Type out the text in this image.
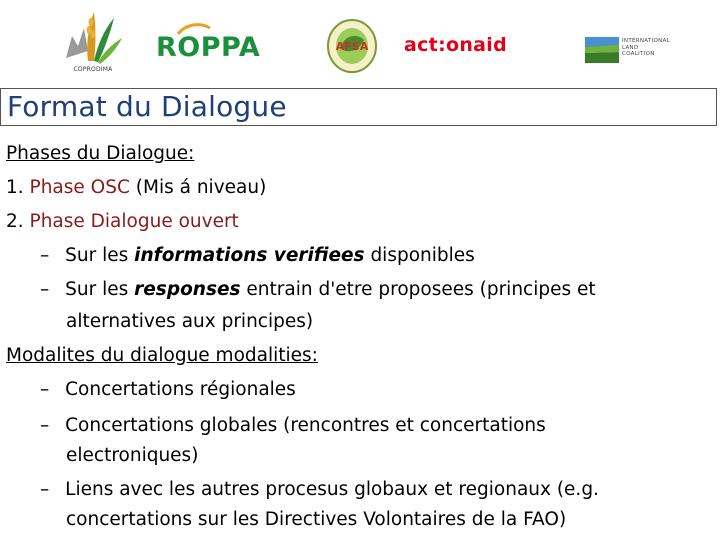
COPRODIMA
ROPPA	AFSA act:onaid	INTERNATIONAL
LAND
COALITION
Format du Dialogue
Phases du Dialogue:
1. Phase OSC (Mis á niveau)
2. Phase Dialogue ouvert
– Sur les informations verifiees disponibles
– Sur les responses entrain d'etre proposees (principes et
alternatives aux principes)
Modalites du dialogue modalities:
– Concertations régionales
– Concertations globales (rencontres et concertations
electroniques)
– Liens avec les autres procesus globaux et regionaux (e.g.
concertations sur les Directives Volontaires de la FAO)
